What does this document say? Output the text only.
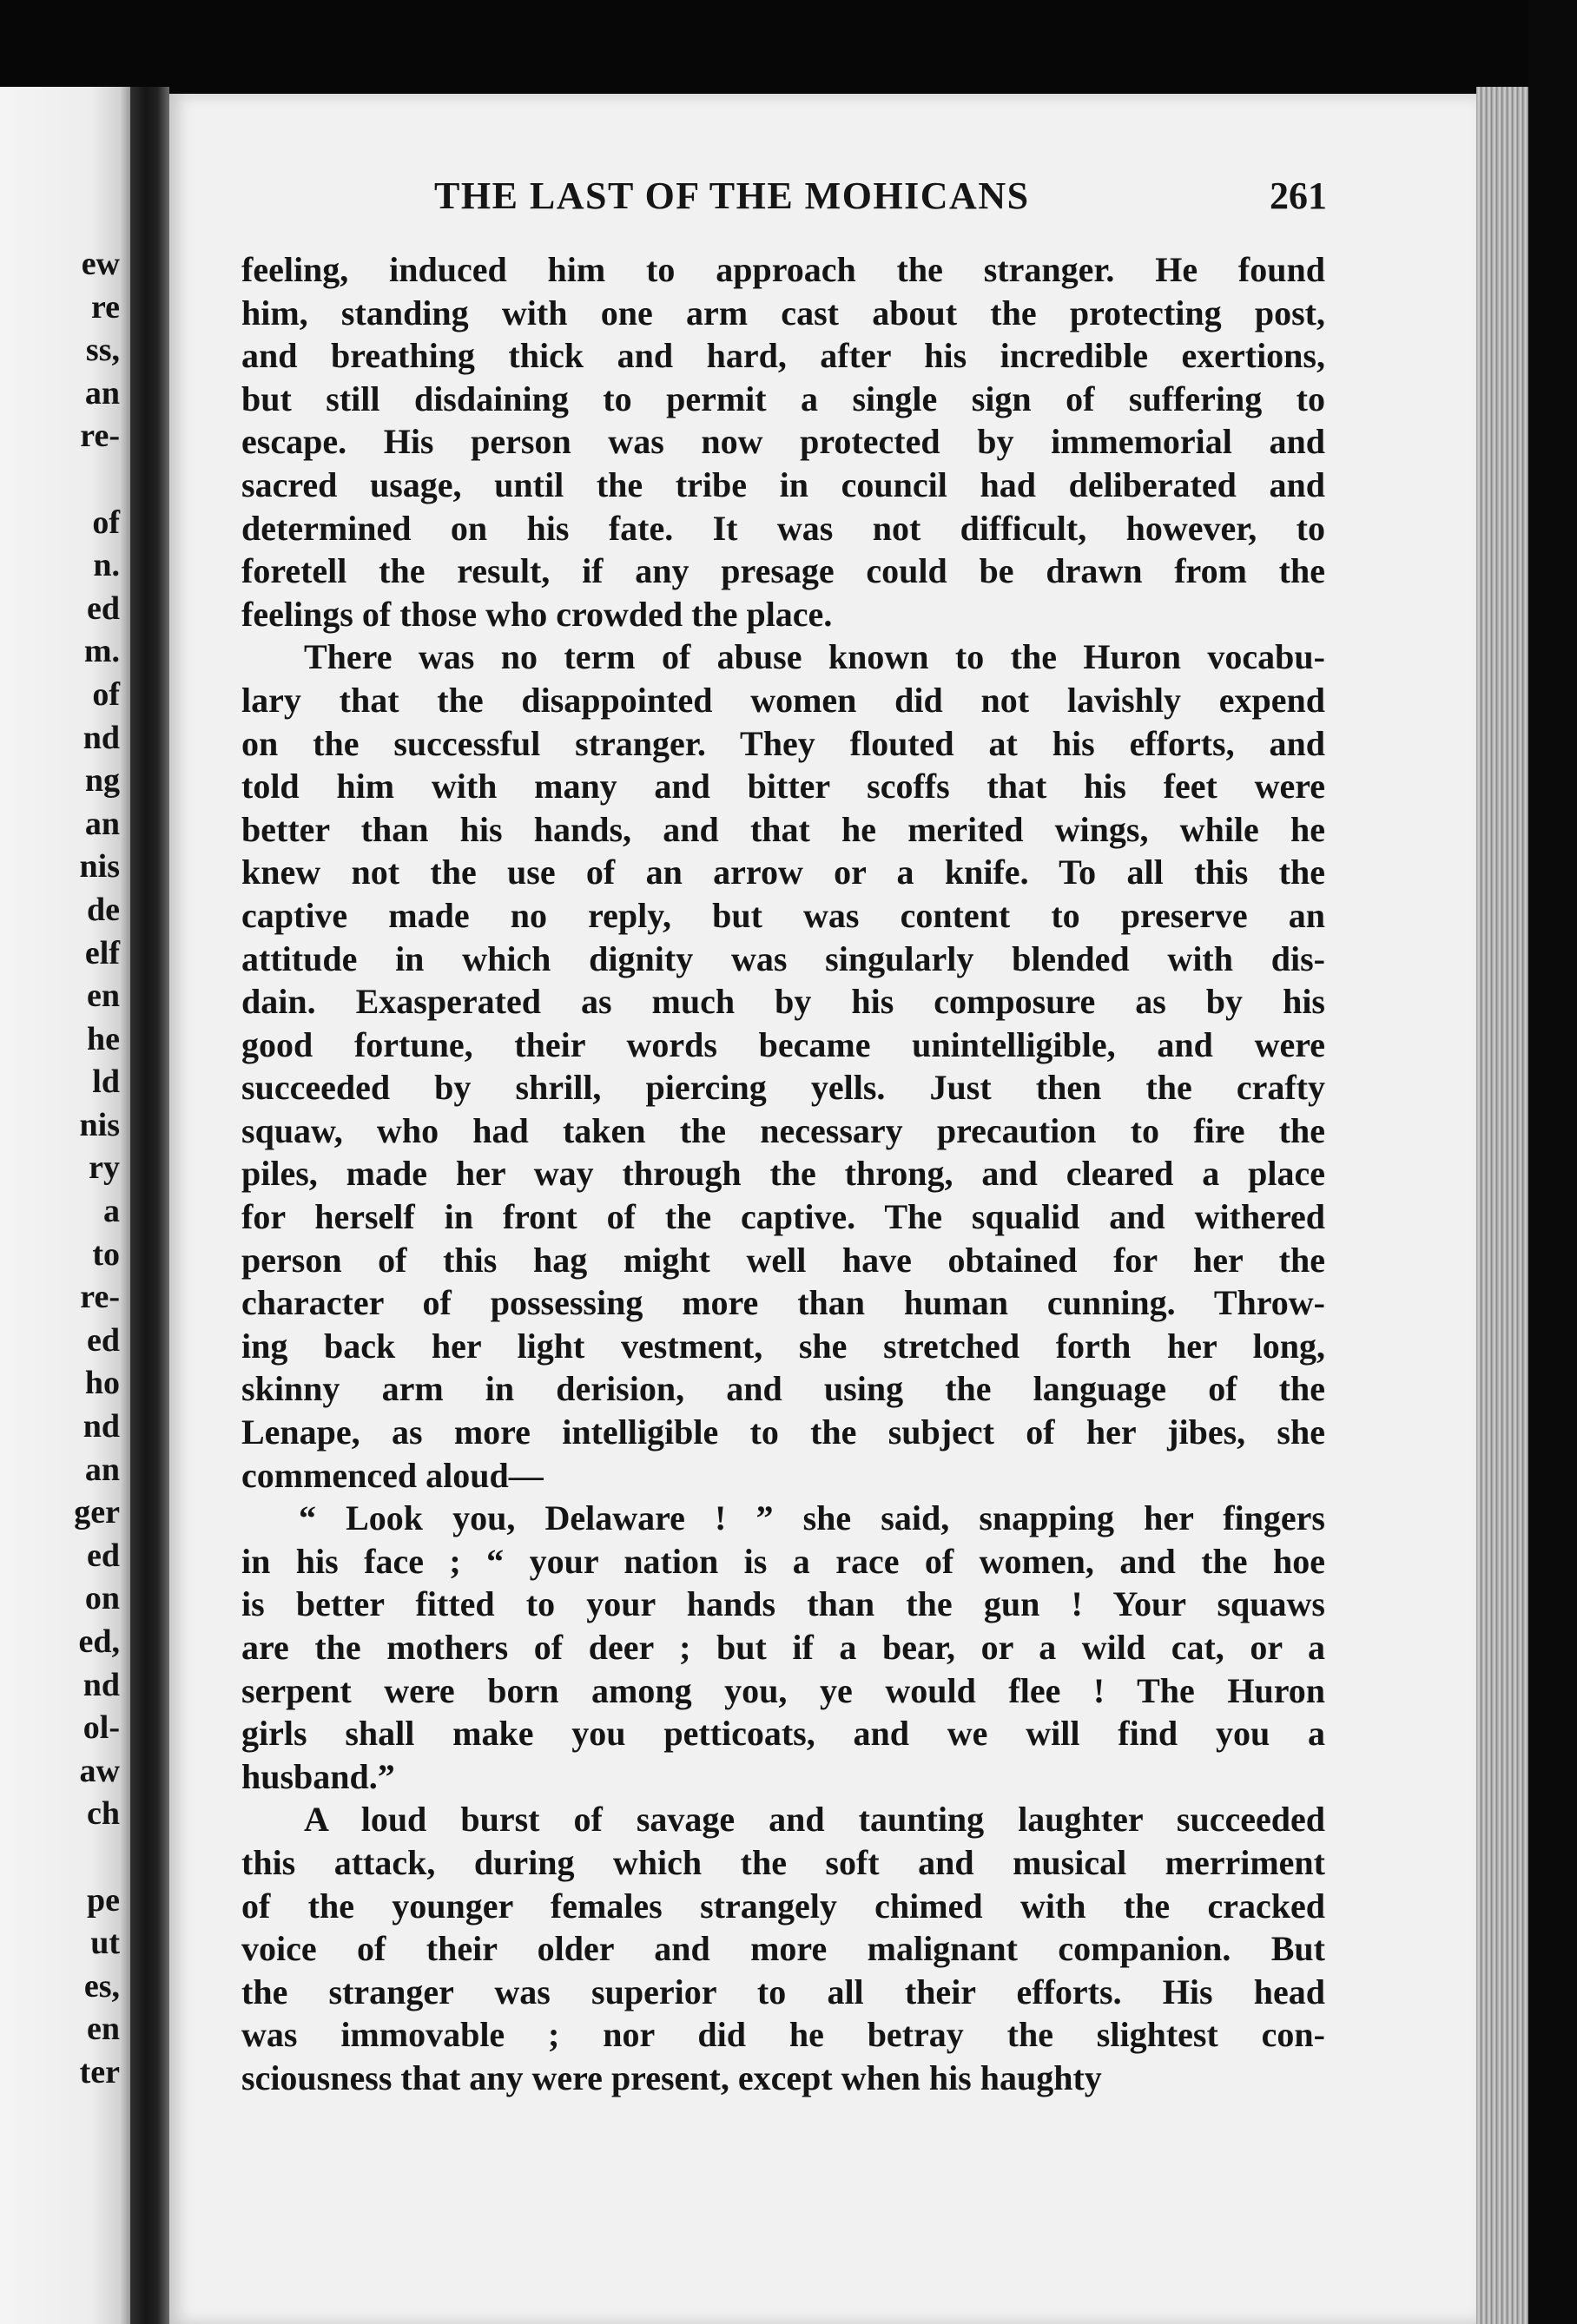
ew
re
ss,
an
re-
of
n.
ed
m.
of
nd
ng
an
nis
de
elf
en
he
ld
nis
ry
a
to
re-
ed
ho
nd
an
ger
ed
on
ed,
nd
ol-
aw
ch
pe
ut
es,
en
ter
THE LAST OF THE MOHICANS	261
feeling, induced him to approach the stranger. He found
him, standing with one arm cast about the protecting post,
and breathing thick and hard, after his incredible exertions,
but still disdaining to permit a single sign of suffering to
escape. His person was now protected by immemorial and
sacred usage, until the tribe in council had deliberated and
determined on his fate. It was not difficult, however, to
foretell the result, if any presage could be drawn from the
feelings of those who crowded the place.
There was no term of abuse known to the Huron vocabu-
lary that the disappointed women did not lavishly expend
on the successful stranger. They flouted at his efforts, and
told him with many and bitter scoffs that his feet were
better than his hands, and that he merited wings, while he
knew not the use of an arrow or a knife. To all this the
captive made no reply, but was content to preserve an
attitude in which dignity was singularly blended with dis-
dain. Exasperated as much by his composure as by his
good fortune, their words became unintelligible, and were
succeeded by shrill, piercing yells. Just then the crafty
squaw, who had taken the necessary precaution to fire the
piles, made her way through the throng, and cleared a place
for herself in front of the captive. The squalid and withered
person of this hag might well have obtained for her the
character of possessing more than human cunning. Throw-
ing back her light vestment, she stretched forth her long,
skinny arm in derision, and using the language of the
Lenape, as more intelligible to the subject of her jibes, she
commenced aloud—
“ Look you, Delaware ! ” she said, snapping her fingers
in his face ; “ your nation is a race of women, and the hoe
is better fitted to your hands than the gun ! Your squaws
are the mothers of deer ; but if a bear, or a wild cat, or a
serpent were born among you, ye would flee ! The Huron
girls shall make you petticoats, and we will find you a
husband.”
A loud burst of savage and taunting laughter succeeded
this attack, during which the soft and musical merriment
of the younger females strangely chimed with the cracked
voice of their older and more malignant companion. But
the stranger was superior to all their efforts. His head
was immovable ; nor did he betray the slightest con-
sciousness that any were present, except when his haughty
